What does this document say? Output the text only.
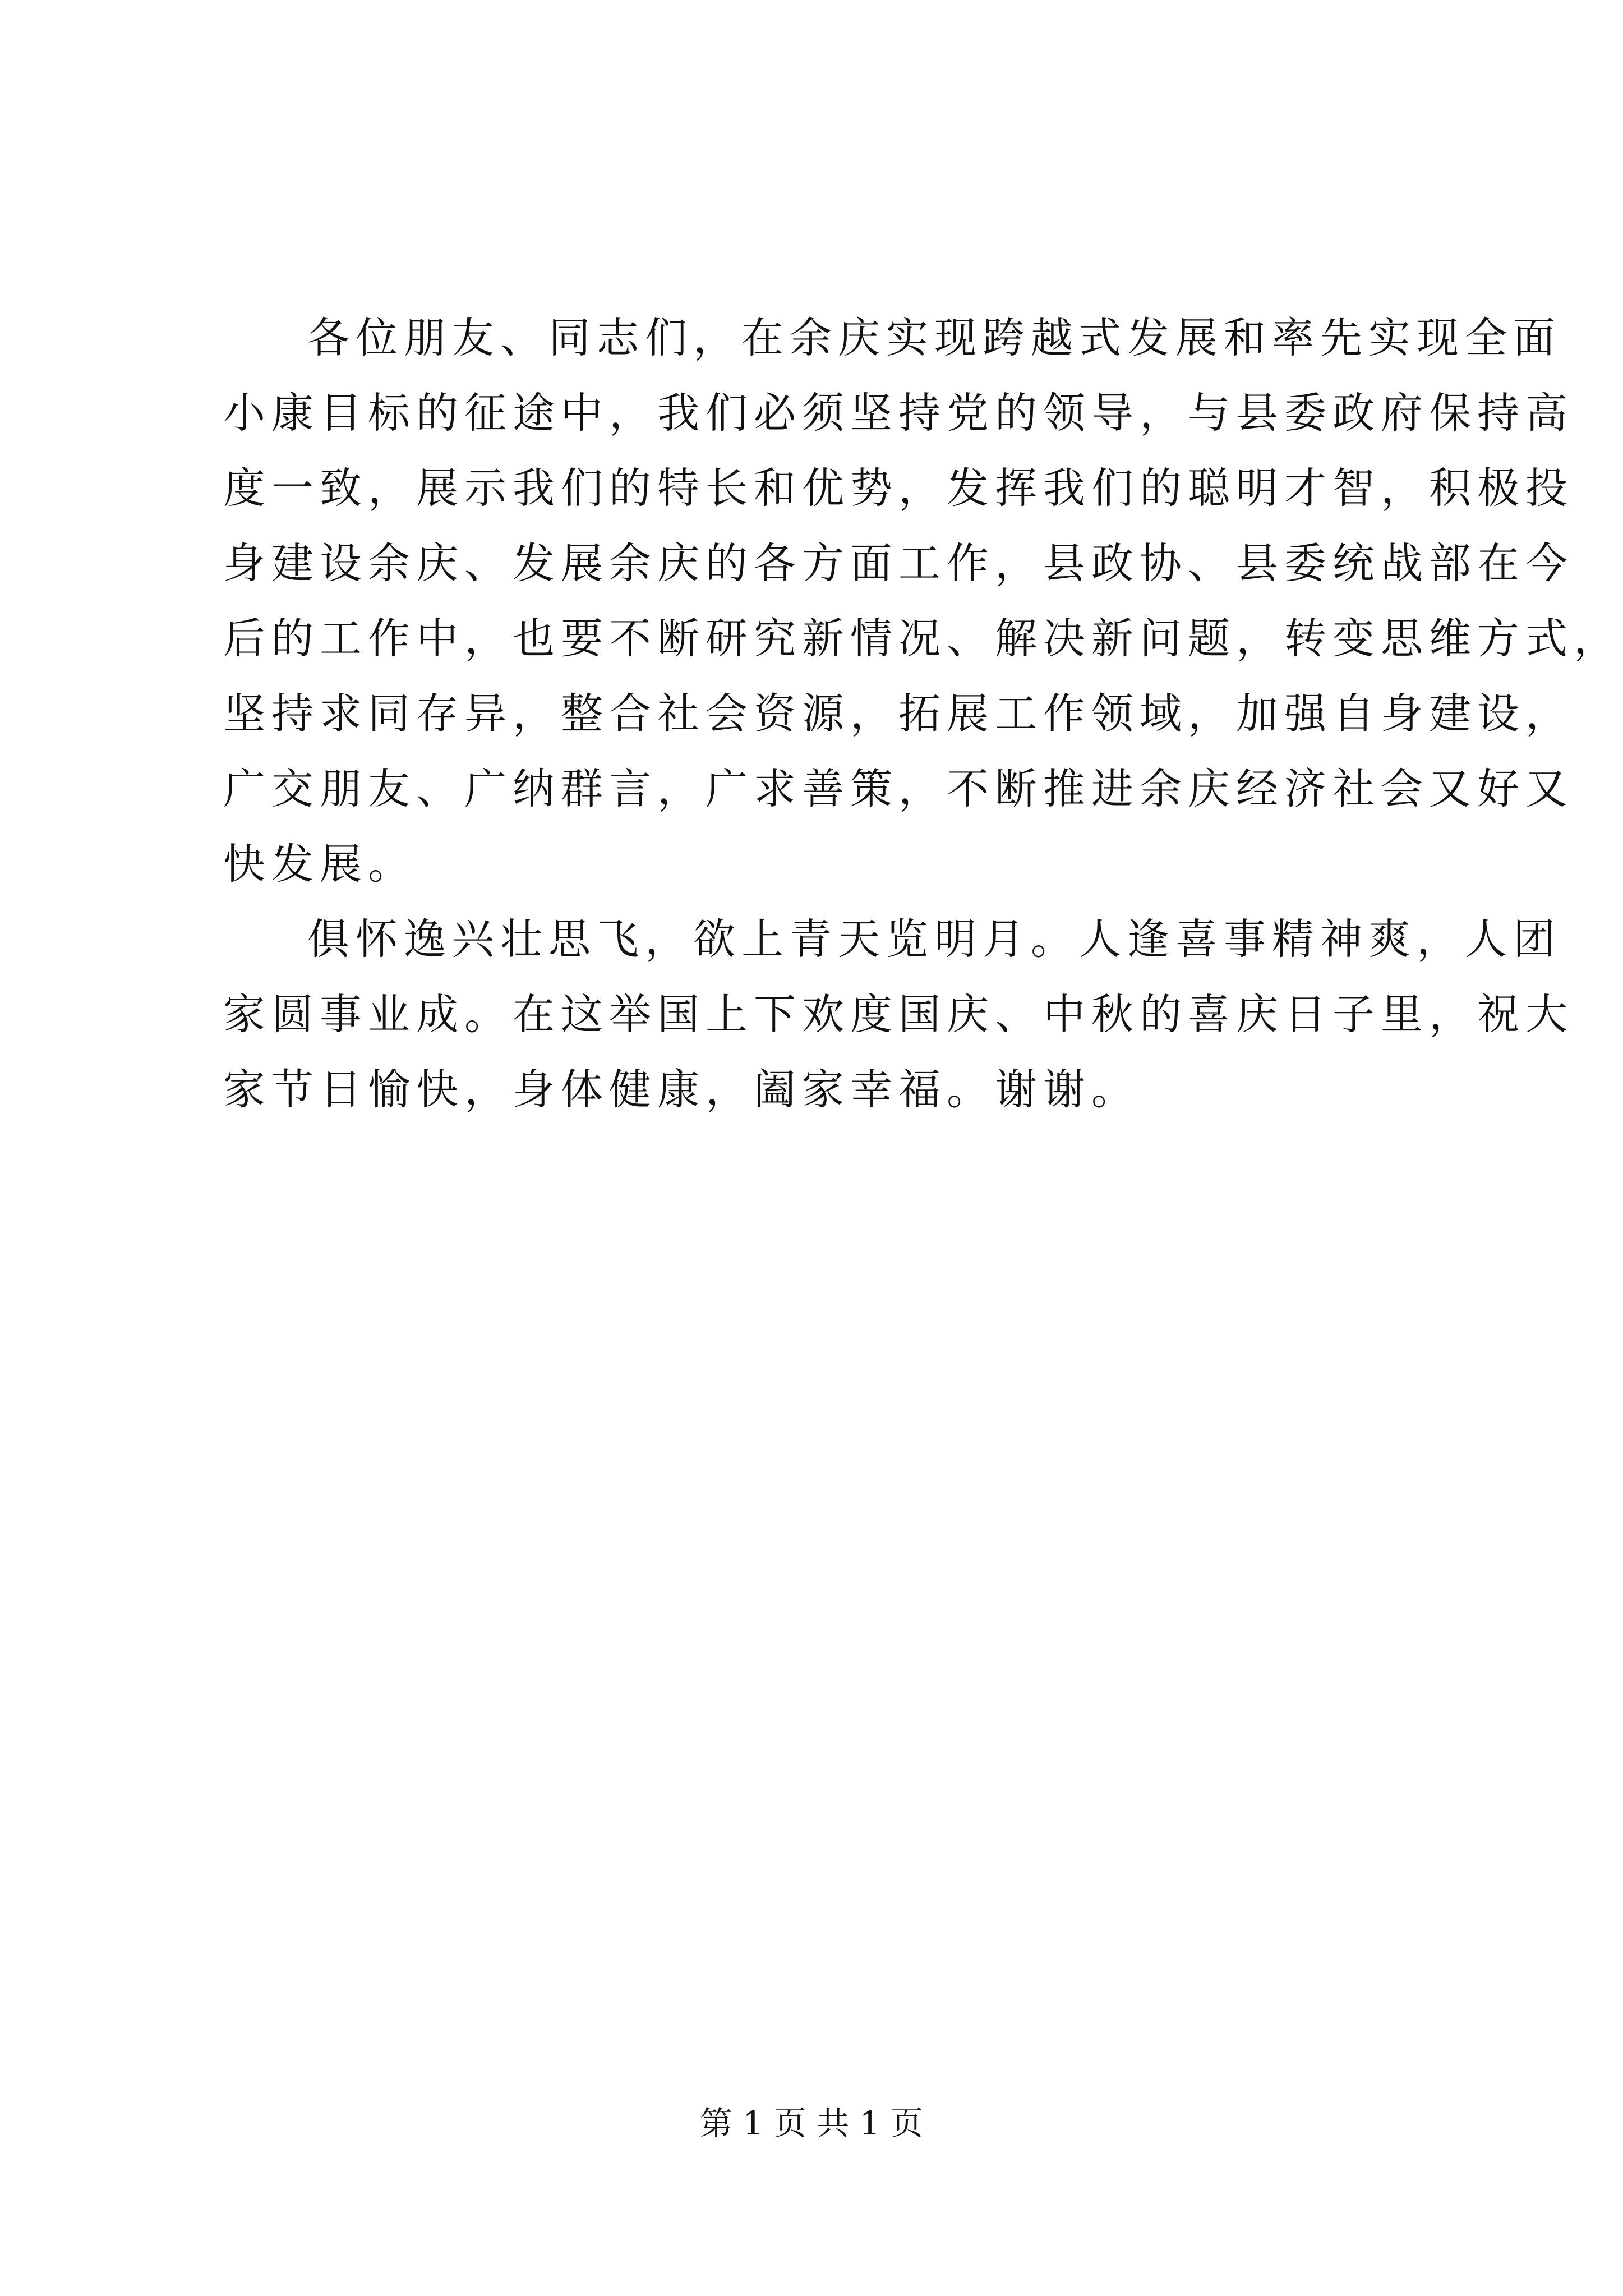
各位朋友、同志们，在余庆实现跨越式发展和率先实现全面
小康目标的征途中，我们必须坚持党的领导，与县委政府保持高
度一致，展示我们的特长和优势，发挥我们的聪明才智，积极投
身建设余庆、发展余庆的各方面工作，县政协、县委统战部在今
后的工作中，也要不断研究新情况、解决新问题，转变思维方式，
坚持求同存异，整合社会资源，拓展工作领域，加强自身建设，
广交朋友、广纳群言，广求善策，不断推进余庆经济社会又好又
快发展。
俱怀逸兴壮思飞，欲上青天览明月。人逢喜事精神爽，人团
家圆事业成。在这举国上下欢度国庆、中秋的喜庆日子里，祝大
家节日愉快，身体健康，阖家幸福。谢谢。
第 1 页 共 1 页
